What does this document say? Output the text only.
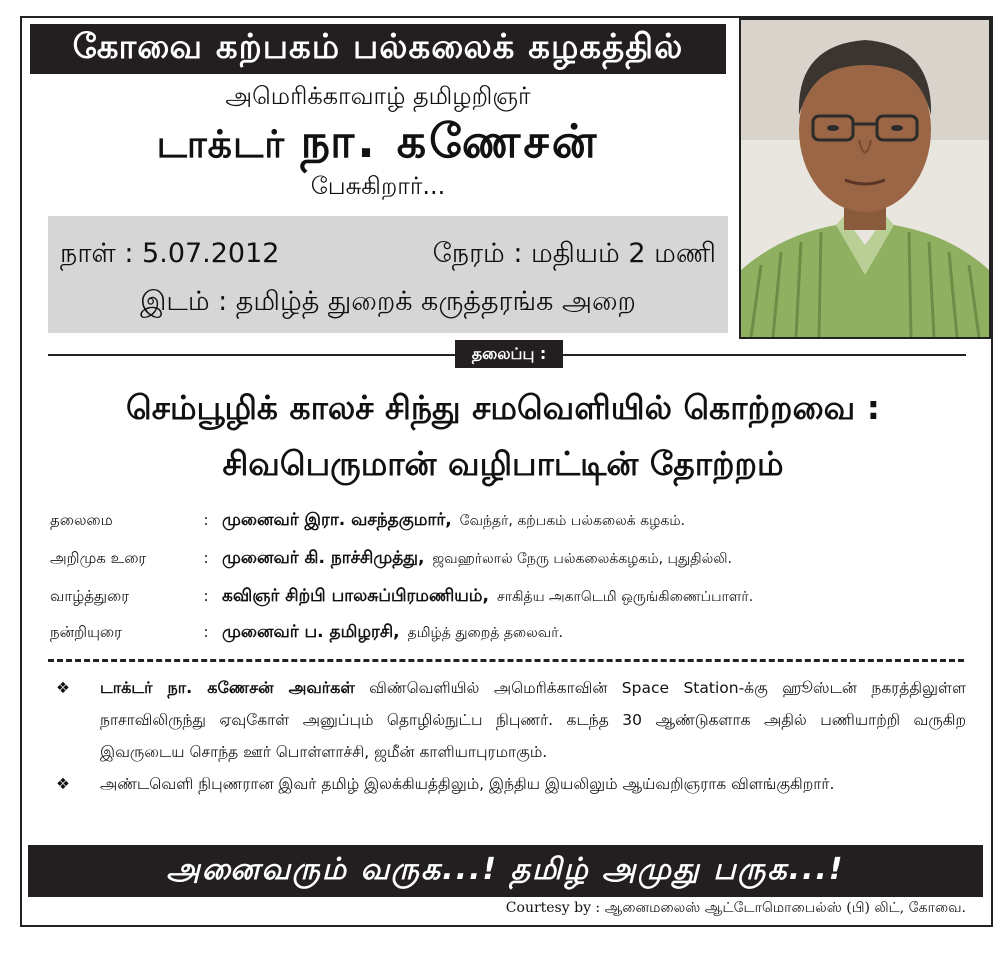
கோவை கற்பகம் பல்கலைக் கழகத்தில்
அமெரிக்காவாழ் தமிழறிஞர்
டாக்டர் நா. கணேசன்
பேசுகிறார்...
நாள் : 5.07.2012	நேரம் : மதியம் 2 மணி
இடம் : தமிழ்த் துறைக் கருத்தரங்க அறை
தலைப்பு :
செம்பூழிக் காலச் சிந்து சமவெளியில் கொற்றவை :
சிவபெருமான் வழிபாட்டின் தோற்றம்
தலைமை	: முனைவர் இரா. வசந்தகுமார், வேந்தர், கற்பகம் பல்கலைக் கழகம்.
அறிமுக உரை	: முனைவர் கி. நாச்சிமுத்து, ஜவஹர்லால் நேரு பல்கலைக்கழகம், புதுதில்லி.
வாழ்த்துரை	: கவிஞர் சிற்பி பாலசுப்பிரமணியம், சாகித்ய அகாடெமி ஒருங்கிணைப்பாளர்.
நன்றியுரை	: முனைவர் ப. தமிழரசி, தமிழ்த் துறைத் தலைவர்.
❖	டாக்டர் நா. கணேசன் அவர்கள் விண்வெளியில் அமெரிக்காவின் Space Station-க்கு ஹூஸ்டன் நகரத்திலுள்ள நாசாவிலிருந்து ஏவுகோள் அனுப்பும் தொழில்நுட்ப நிபுணர். கடந்த 30 ஆண்டுகளாக அதில் பணியாற்றி வருகிற இவருடைய சொந்த ஊர் பொள்ளாச்சி, ஜமீன் காளியாபுரமாகும்.
❖	அண்டவெளி நிபுணரான இவர் தமிழ் இலக்கியத்திலும், இந்திய இயலிலும் ஆய்வறிஞராக விளங்குகிறார்.
அனைவரும் வருக...! தமிழ் அமுது பருக...!
Courtesy by : ஆனைமலைஸ் ஆட்டோமொபைல்ஸ் (பி) லிட், கோவை.
